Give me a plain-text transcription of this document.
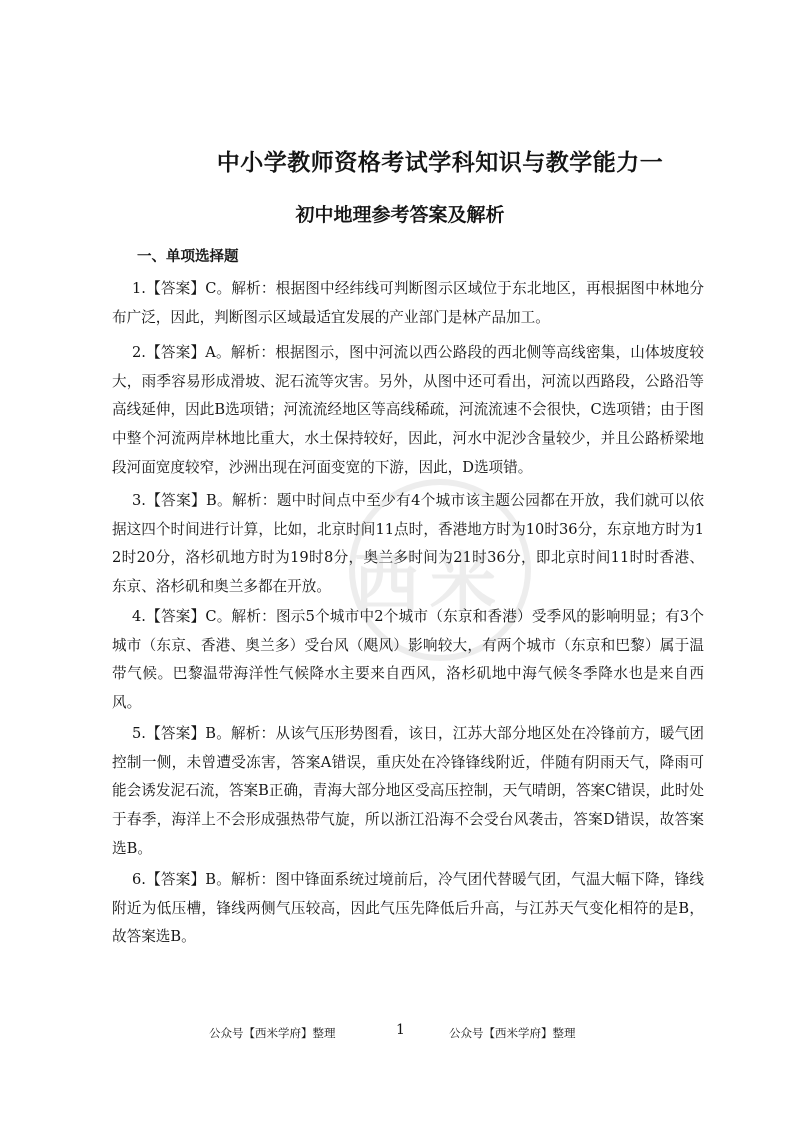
中小学教师资格考试学科知识与教学能力一
初中地理参考答案及解析
一、单项选择题

1.【答案】C。解析：根据图中经纬线可判断图示区域位于东北地区，再根据图中林地分布广泛，因此，判断图示区域最适宜发展的产业部门是林产品加工。

2.【答案】A。解析：根据图示，图中河流以西公路段的西北侧等高线密集，山体坡度较大，雨季容易形成滑坡、泥石流等灾害。另外，从图中还可看出，河流以西路段，公路沿等高线延伸，因此B选项错；河流流经地区等高线稀疏，河流流速不会很快，C选项错；由于图中整个河流两岸林地比重大，水土保持较好，因此，河水中泥沙含量较少，并且公路桥梁地段河面宽度较窄，沙洲出现在河面变宽的下游，因此，D选项错。

3.【答案】B。解析：题中时间点中至少有4个城市该主题公园都在开放，我们就可以依据这四个时间进行计算，比如，北京时间11点时，香港地方时为10时36分，东京地方时为12时20分，洛杉矶地方时为19时8分，奥兰多时间为21时36分，即北京时间11时时香港、东京、洛杉矶和奥兰多都在开放。

4.【答案】C。解析：图示5个城市中2个城市（东京和香港）受季风的影响明显；有3个城市（东京、香港、奥兰多）受台风（飓风）影响较大，有两个城市（东京和巴黎）属于温带气候。巴黎温带海洋性气候降水主要来自西风，洛杉矶地中海气候冬季降水也是来自西风。

5.【答案】B。解析：从该气压形势图看，该日，江苏大部分地区处在冷锋前方，暖气团控制一侧，未曾遭受冻害，答案A错误，重庆处在冷锋锋线附近，伴随有阴雨天气，降雨可能会诱发泥石流，答案B正确，青海大部分地区受高压控制，天气晴朗，答案C错误，此时处于春季，海洋上不会形成强热带气旋，所以浙江沿海不会受台风袭击，答案D错误，故答案选B。

6.【答案】B。解析：图中锋面系统过境前后，冷气团代替暖气团，气温大幅下降，锋线附近为低压槽，锋线两侧气压较高，因此气压先降低后升高，与江苏天气变化相符的是B，故答案选B。

西米
公众号【西米学府】整理	1	公众号【西米学府】整理
